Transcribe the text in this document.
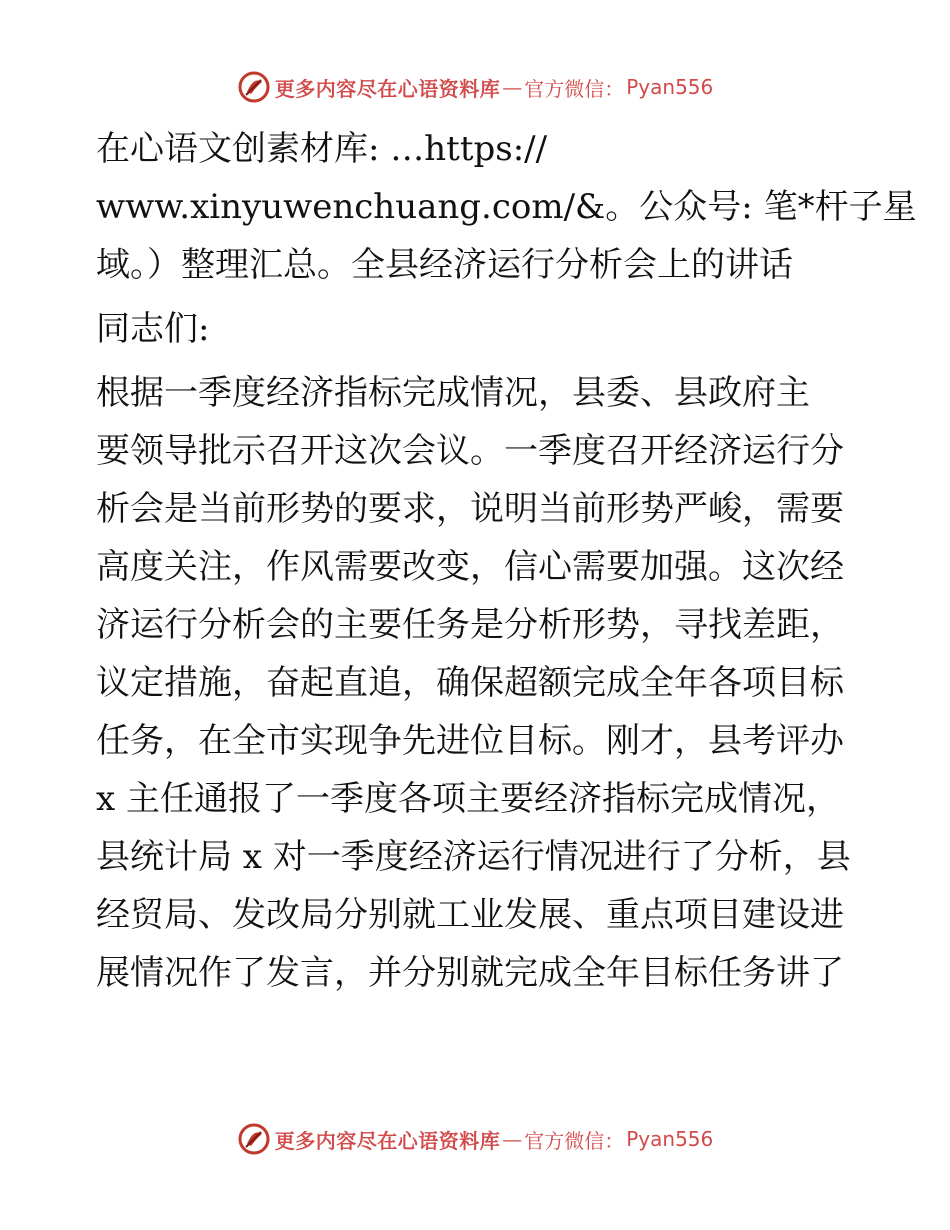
更多内容尽在心语资料库 — 官方微信： Pyan556
在心语文创素材库: …https://
www.xinyuwenchuang.com/&。公众号: 笔*杆子星
域。）整理汇总。全县经济运行分析会上的讲话
同志们:
根据一季度经济指标完成情况，县委、县政府主
要领导批示召开这次会议。一季度召开经济运行分
析会是当前形势的要求，说明当前形势严峻，需要
高度关注，作风需要改变，信心需要加强。这次经
济运行分析会的主要任务是分析形势，寻找差距，
议定措施，奋起直追，确保超额完成全年各项目标
任务，在全市实现争先进位目标。刚才，县考评办
x 主任通报了一季度各项主要经济指标完成情况，
县统计局 x 对一季度经济运行情况进行了分析，县
经贸局、发改局分别就工业发展、重点项目建设进
展情况作了发言，并分别就完成全年目标任务讲了
更多内容尽在心语资料库 — 官方微信： Pyan556
